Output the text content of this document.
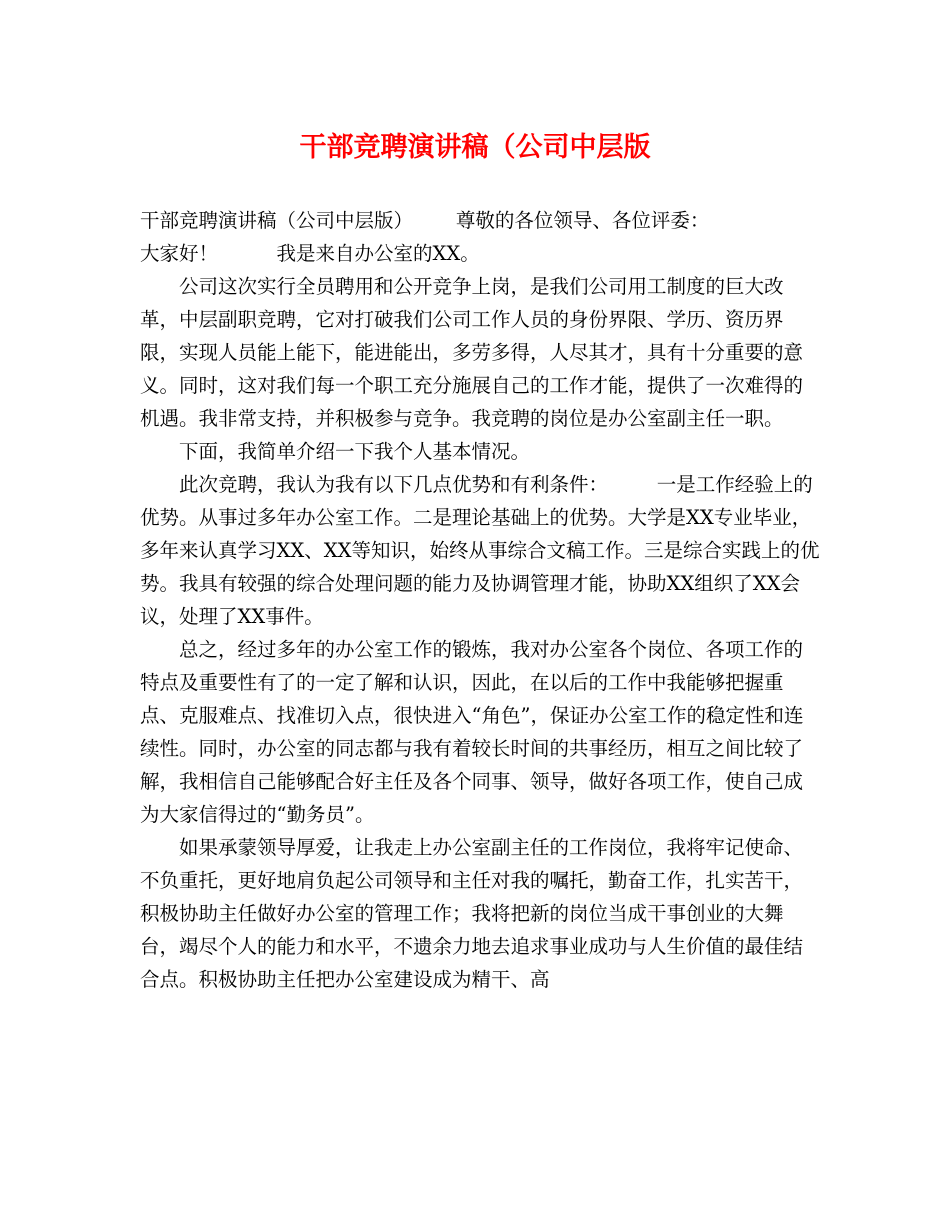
干部竞聘演讲稿（公司中层版

干部竞聘演讲稿（公司中层版） 尊敬的各位领导、各位评委：

大家好！	我是来自办公室的XX。

公司这次实行全员聘用和公开竞争上岗，是我们公司用工制度的巨大改革，中层副职竞聘，它对打破我们公司工作人员的身份界限、学历、资历界限，实现人员能上能下，能进能出，多劳多得，人尽其才，具有十分重要的意义。同时，这对我们每一个职工充分施展自己的工作才能，提供了一次难得的机遇。我非常支持，并积极参与竞争。我竞聘的岗位是办公室副主任一职。

下面，我简单介绍一下我个人基本情况。

此次竞聘，我认为我有以下几点优势和有利条件：	一是工作经验上的优势。从事过多年办公室工作。二是理论基础上的优势。大学是XX专业毕业，多年来认真学习XX、XX等知识，始终从事综合文稿工作。三是综合实践上的优势。我具有较强的综合处理问题的能力及协调管理才能，协助XX组织了XX会议，处理了XX事件。

总之，经过多年的办公室工作的锻炼，我对办公室各个岗位、各项工作的特点及重要性有了的一定了解和认识，因此，在以后的工作中我能够把握重点、克服难点、找准切入点，很快进入“角色”，保证办公室工作的稳定性和连续性。同时，办公室的同志都与我有着较长时间的共事经历，相互之间比较了解，我相信自己能够配合好主任及各个同事、领导，做好各项工作，使自己成为大家信得过的“勤务员”。

如果承蒙领导厚爱，让我走上办公室副主任的工作岗位，我将牢记使命、不负重托，更好地肩负起公司领导和主任对我的嘱托，勤奋工作，扎实苦干，积极协助主任做好办公室的管理工作；我将把新的岗位当成干事创业的大舞台，竭尽个人的能力和水平，不遗余力地去追求事业成功与人生价值的最佳结合点。积极协助主任把办公室建设成为精干、高
